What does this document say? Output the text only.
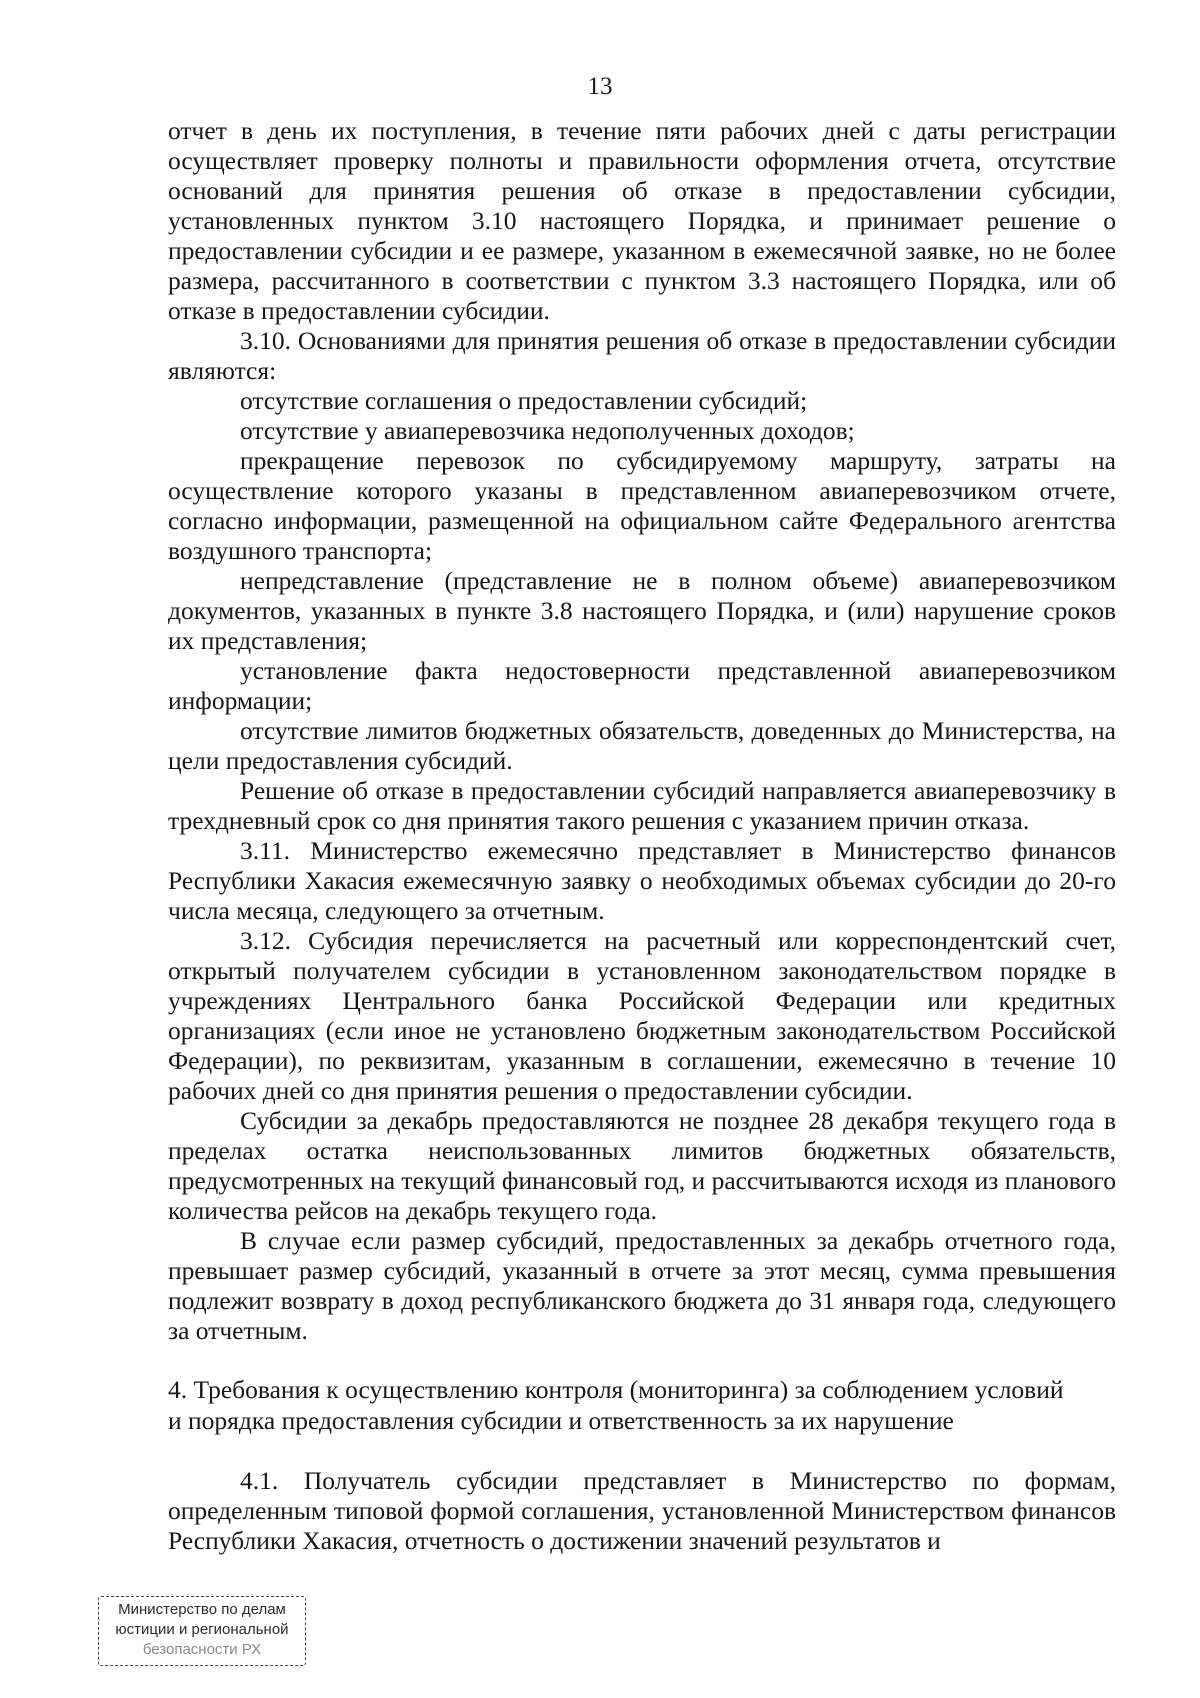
13

отчет в день их поступления, в течение пяти рабочих дней с даты регистрации осуществляет проверку полноты и правильности оформления отчета, отсутствие оснований для принятия решения об отказе в предоставлении субсидии, установленных пунктом 3.10 настоящего Порядка, и принимает решение о предоставлении субсидии и ее размере, указанном в ежемесячной заявке, но не более размера, рассчитанного в соответствии с пунктом 3.3 настоящего Порядка, или об отказе в предоставлении субсидии.

3.10. Основаниями для принятия решения об отказе в предоставлении субсидии являются:

отсутствие соглашения о предоставлении субсидий;

отсутствие у авиаперевозчика недополученных доходов;

прекращение перевозок по субсидируемому маршруту, затраты на осуществление которого указаны в представленном авиаперевозчиком отчете, согласно информации, размещенной на официальном сайте Федерального агентства воздушного транспорта;

непредставление (представление не в полном объеме) авиаперевозчиком документов, указанных в пункте 3.8 настоящего Порядка, и (или) нарушение сроков их представления;

установление факта недостоверности представленной авиаперевозчиком информации;

отсутствие лимитов бюджетных обязательств, доведенных до Министерства, на цели предоставления субсидий.

Решение об отказе в предоставлении субсидий направляется авиаперевозчику в трехдневный срок со дня принятия такого решения с указанием причин отказа.

3.11. Министерство ежемесячно представляет в Министерство финансов Республики Хакасия ежемесячную заявку о необходимых объемах субсидии до 20-го числа месяца, следующего за отчетным.

3.12. Субсидия перечисляется на расчетный или корреспондентский счет, открытый получателем субсидии в установленном законодательством порядке в учреждениях Центрального банка Российской Федерации или кредитных организациях (если иное не установлено бюджетным законодательством Российской Федерации), по реквизитам, указанным в соглашении, ежемесячно в течение 10 рабочих дней со дня принятия решения о предоставлении субсидии.

Субсидии за декабрь предоставляются не позднее 28 декабря текущего года в пределах остатка неиспользованных лимитов бюджетных обязательств, предусмотренных на текущий финансовый год, и рассчитываются исходя из планового количества рейсов на декабрь текущего года.

В случае если размер субсидий, предоставленных за декабрь отчетного года, превышает размер субсидий, указанный в отчете за этот месяц, сумма превышения подлежит возврату в доход республиканского бюджета до 31 января года, следующего за отчетным.

4. Требования к осуществлению контроля (мониторинга) за соблюдением условий
и порядка предоставления субсидии и ответственность за их нарушение

4.1. Получатель субсидии представляет в Министерство по формам, определенным типовой формой соглашения, установленной Министерством финансов Республики Хакасия, отчетность о достижении значений результатов и

Министерство по делам
юстиции и региональной
безопасности РХ
